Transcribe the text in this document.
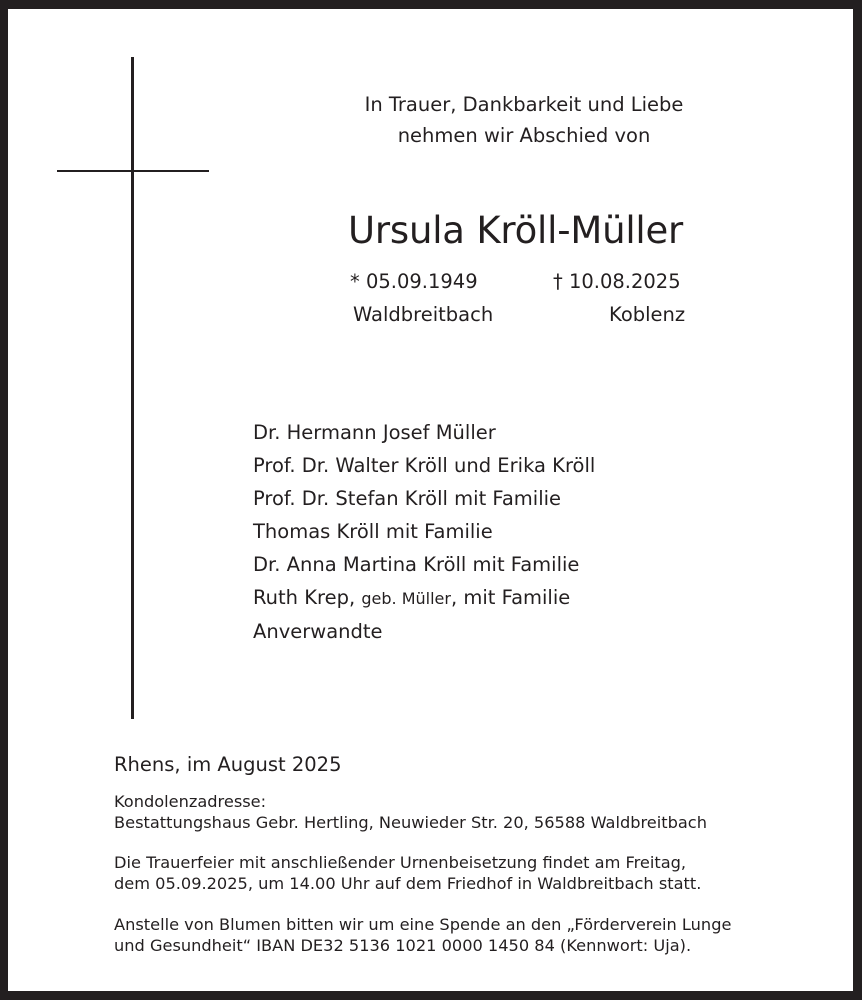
In Trauer, Dankbarkeit und Liebe
nehmen wir Abschied von
Ursula Kröll-Müller
* 05.09.1949	† 10.08.2025
Waldbreitbach	Koblenz
Dr. Hermann Josef Müller
Prof. Dr. Walter Kröll und Erika Kröll
Prof. Dr. Stefan Kröll mit Familie
Thomas Kröll mit Familie
Dr. Anna Martina Kröll mit Familie
Ruth Krep, geb. Müller, mit Familie
Anverwandte
Rhens, im August 2025
Kondolenzadresse:
Bestattungshaus Gebr. Hertling, Neuwieder Str. 20, 56588 Waldbreitbach
Die Trauerfeier mit anschließender Urnenbeisetzung findet am Freitag,
dem 05.09.2025, um 14.00 Uhr auf dem Friedhof in Waldbreitbach statt.
Anstelle von Blumen bitten wir um eine Spende an den „Förderverein Lunge
und Gesundheit“ IBAN DE32 5136 1021 0000 1450 84 (Kennwort: Uja).
